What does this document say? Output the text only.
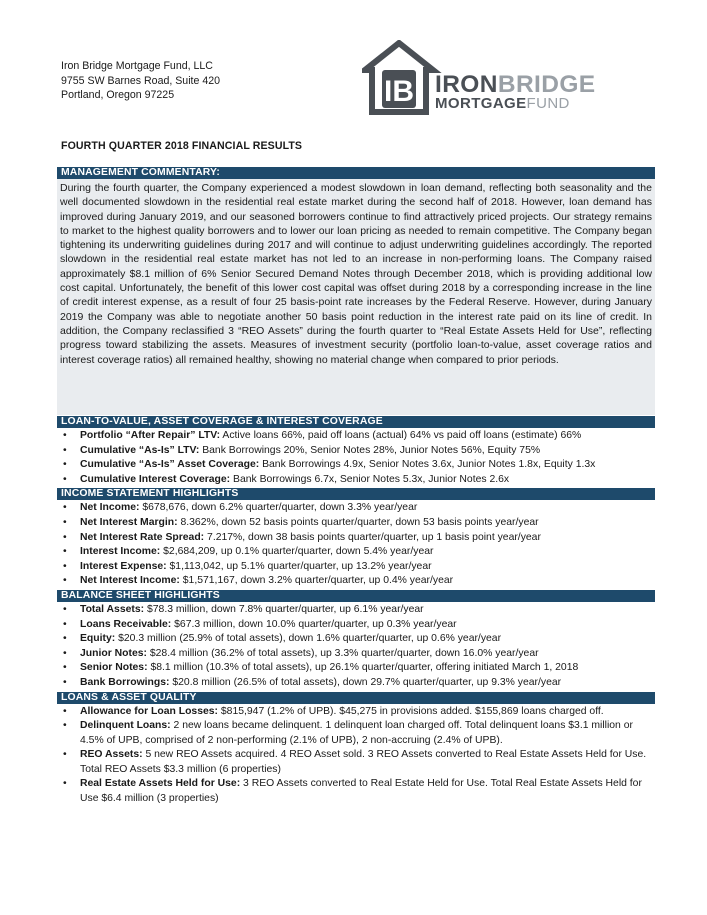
Iron Bridge Mortgage Fund, LLC
9755 SW Barnes Road, Suite 420
Portland, Oregon 97225	IB IRONBRIDGE
MORTGAGEFUND
FOURTH QUARTER 2018 FINANCIAL RESULTS
MANAGEMENT COMMENTARY:
During the fourth quarter, the Company experienced a modest slowdown in loan demand, reflecting both seasonality and the well documented slowdown in the residential real estate market during the second half of 2018. However, loan demand has improved during January 2019, and our seasoned borrowers continue to find attractively priced projects. Our strategy remains to market to the highest quality borrowers and to lower our loan pricing as needed to remain competitive. The Company began tightening its underwriting guidelines during 2017 and will continue to adjust underwriting guidelines accordingly. The reported slowdown in the residential real estate market has not led to an increase in non-performing loans. The Company raised approximately $8.1 million of 6% Senior Secured Demand Notes through December 2018, which is providing additional low cost capital. Unfortunately, the benefit of this lower cost capital was offset during 2018 by a corresponding increase in the line of credit interest expense, as a result of four 25 basis-point rate increases by the Federal Reserve. However, during January 2019 the Company was able to negotiate another 50 basis point reduction in the interest rate paid on its line of credit. In addition, the Company reclassified 3 “REO Assets” during the fourth quarter to “Real Estate Assets Held for Use”, reflecting progress toward stabilizing the assets. Measures of investment security (portfolio loan-to-value, asset coverage ratios and interest coverage ratios) all remained healthy, showing no material change when compared to prior periods.
LOAN-TO-VALUE, ASSET COVERAGE & INTEREST COVERAGE
• Portfolio “After Repair” LTV: Active loans 66%, paid off loans (actual) 64% vs paid off loans (estimate) 66%
• Cumulative “As-Is” LTV: Bank Borrowings 20%, Senior Notes 28%, Junior Notes 56%, Equity 75%
• Cumulative “As-Is” Asset Coverage: Bank Borrowings 4.9x, Senior Notes 3.6x, Junior Notes 1.8x, Equity 1.3x
• Cumulative Interest Coverage: Bank Borrowings 6.7x, Senior Notes 5.3x, Junior Notes 2.6x
INCOME STATEMENT HIGHLIGHTS
• Net Income: $678,676, down 6.2% quarter/quarter, down 3.3% year/year
• Net Interest Margin: 8.362%, down 52 basis points quarter/quarter, down 53 basis points year/year
• Net Interest Rate Spread: 7.217%, down 38 basis points quarter/quarter, up 1 basis point year/year
• Interest Income: $2,684,209, up 0.1% quarter/quarter, down 5.4% year/year
• Interest Expense: $1,113,042, up 5.1% quarter/quarter, up 13.2% year/year
• Net Interest Income: $1,571,167, down 3.2% quarter/quarter, up 0.4% year/year
BALANCE SHEET HIGHLIGHTS
• Total Assets: $78.3 million, down 7.8% quarter/quarter, up 6.1% year/year
• Loans Receivable: $67.3 million, down 10.0% quarter/quarter, up 0.3% year/year
• Equity: $20.3 million (25.9% of total assets), down 1.6% quarter/quarter, up 0.6% year/year
• Junior Notes: $28.4 million (36.2% of total assets), up 3.3% quarter/quarter, down 16.0% year/year
• Senior Notes: $8.1 million (10.3% of total assets), up 26.1% quarter/quarter, offering initiated March 1, 2018
• Bank Borrowings: $20.8 million (26.5% of total assets), down 29.7% quarter/quarter, up 9.3% year/year
LOANS & ASSET QUALITY
• Allowance for Loan Losses: $815,947 (1.2% of UPB). $45,275 in provisions added. $155,869 loans charged off.
• Delinquent Loans: 2 new loans became delinquent. 1 delinquent loan charged off. Total delinquent loans $3.1 million or 4.5% of UPB, comprised of 2 non-performing (2.1% of UPB), 2 non-accruing (2.4% of UPB).
• REO Assets: 5 new REO Assets acquired. 4 REO Asset sold. 3 REO Assets converted to Real Estate Assets Held for Use. Total REO Assets $3.3 million (6 properties)
• Real Estate Assets Held for Use: 3 REO Assets converted to Real Estate Held for Use. Total Real Estate Assets Held for Use $6.4 million (3 properties)
